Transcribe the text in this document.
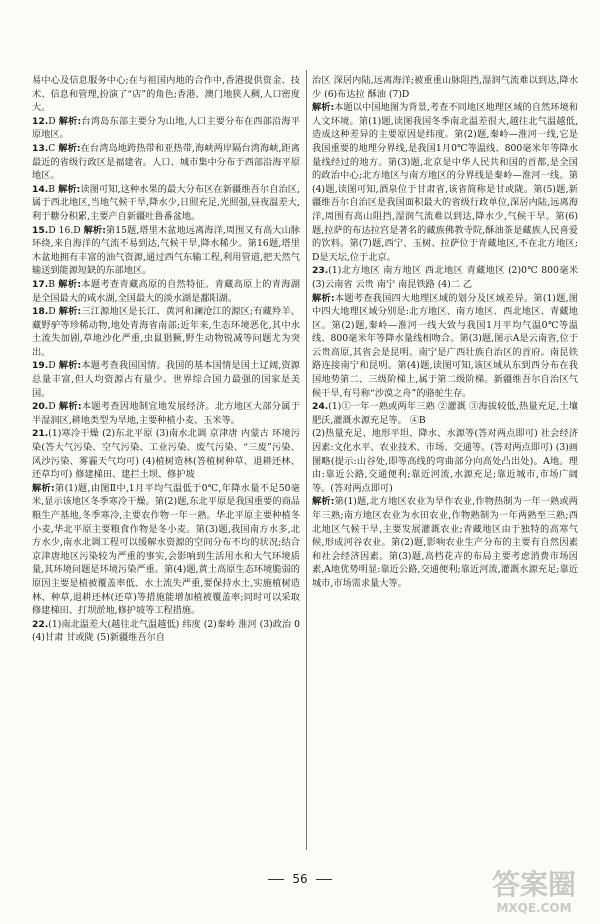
易中心及信息服务中心;在与祖国内地的合作中,香港提供资金、技术、信息和管理,扮演了“店”的角色;香港、澳门地狭人稠,人口密度大。

12.D 解析:台湾岛东部主要分为山地,人口主要分布在西部沿海平原地区。

13.C 解析:在台湾岛地跨热带和亚热带,海峡两岸隔台湾海峡,距离最近的省级行政区是福建省。人口、城市集中分布于西部沿海平原地区。

14.B 解析:读图可知,这种水果的最大分布区在新疆维吾尔自治区,属于西北地区,当地气候干旱,降水少,日照充足,光照强,昼夜温差大,利于糖分积累,主要产自新疆吐鲁番盆地。

15.D 16.D 解析:第15题,塔里木盆地远离海洋,周围又有高大山脉环绕,来自海洋的气流不易到达,气候干旱,降水稀少。第16题,塔里木盆地拥有丰富的油气资源,通过西气东输工程,利用管道,把天然气输送到能源短缺的东部地区。

17.B 解析:本题考查青藏高原的自然特征。青藏高原上的青海湖是全国最大的咸水湖,全国最大的淡水湖是鄱阳湖。

18.D 解析:三江源地区是长江、黄河和澜沧江的源区;有藏羚羊、藏野驴等珍稀动物,地处青海省南部;近年来,生态环境恶化,其中水土流失加剧,草地沙化严重,虫鼠猖獗,野生动物锐减等问题尤为突出。

19.D 解析:本题考查我国国情。我国的基本国情是国土辽阔,资源总量丰富,但人均资源占有量少。世界综合国力最强的国家是美国。

20.D 解析:本题考查因地制宜地发展经济。北方地区大部分属于半湿润区,耕地类型为旱地,主要种植小麦、玉米等。

21.(1)寒冷干燥 (2)东北平原 (3)南水北调 京津唐 内蒙古 环境污染(答大气污染、空气污染、工业污染、废气污染、“三废”污染、风沙污染、雾霾天气均可) (4)植树造林(答植树种草、退耕还林、还草均可) 修建梯田、建拦土坝、修护坡

解析:第(1)题,由图Ⅱ中,1月平均气温低于0℃,年降水量不足50毫米,显示该地区冬季寒冷干燥。第(2)题,东北平原是我国重要的商品粮生产基地,冬季寒冷,主要农作物一年一熟。华北平原主要种植冬小麦,华北平原主要粮食作物是冬小麦。第(3)题,我国南方水多,北方水少,南水北调工程可以缓解水资源的空间分布不均的状况;结合京津唐地区污染较为严重的事实,会影响到生活用水和大气环境质量,其环境问题是环境污染严重。第(4)题,黄土高原生态环境脆弱的原因主要是植被覆盖率低、水土流失严重,要保持水土,实施植树造林、种草,退耕还林(还草)等措施能增加植被覆盖率;同时可以采取修建梯田、打坝淤地,修护坡等工程措施。

22.(1)南北温差大(越往北气温越低) 纬度 (2)秦岭 淮河 (3)政治 0 (4)甘肃 甘或陇 (5)新疆维吾尔自

治区 深居内陆,远离海洋;被重重山脉阻挡,湿润气流难以到达,降水少 (6)布达拉 酥油 (7)D

解析:本题以中国地图为背景,考查不同地区地理区域的自然环境和人文环境。第(1)题,读图我国冬季南北温差很大,越往北气温越低,造成这种差异的主要原因是纬度。第(2)题,秦岭—淮河一线,它是我国重要的地理分界线,是我国1月0℃等温线、800毫米年等降水量线经过的地方。第(3)题,北京是中华人民共和国的首都,是全国的政治中心;北方地区与南方地区的分界线是秦岭—淮河一线。第(4)题,读图可知,酒泉位于甘肃省,该省简称是甘或陇。第(5)题,新疆维吾尔自治区是我国面积最大的省级行政单位,深居内陆,远离海洋,周围有高山阻挡,湿润气流难以到达,降水少,气候干旱。第(6)题,拉萨的布达拉宫是著名的藏族佛教寺院,酥油茶是藏族人民喜爱的饮料。第(7)题,西宁、玉树、拉萨位于青藏地区,不在北方地区;D是天坛,位于北京。

23.(1)北方地区 南方地区 西北地区 青藏地区 (2)0℃ 800毫米 (3)云南省 云贵 南宁 南昆铁路 (4)二 乙

解析:本题考查我国四大地理区域的划分及区域差异。第(1)题,图中四大地理区域分别是:北方地区、南方地区、西北地区、青藏地区。第(2)题,秦岭—淮河一线大致与我国1月平均气温0℃等温线、800毫米年等降水量线相吻合。第(3)题,图示A是云南省,位于云贵高原,其省会是昆明。南宁是广西壮族自治区的首府。南昆铁路连接南宁和昆明。第(4)题,读图可知,该区域从东到西分布在我国地势第二、三级阶梯上,属于第二级阶梯。新疆维吾尔自治区气候干旱,有号称“沙漠之舟”的骆驼生存。

24.(1)①一年一熟或两年三熟 ②灌溉 ③海拔较低,热量充足,土壤肥沃,灌溉水源充足等。 ④B

(2)热量充足、地形平坦、降水、水源等(答对两点即可) 社会经济因素:文化水平、农业技术、市场、交通等。(答对两点即可) (3)画图略(提示:山谷处,即等高线的弯曲部分向高处凸出处)。A地。理由:靠近公路,交通便利;靠近河流,水源充足;靠近城市,市场广阔等。(答对两点即可)

解析:第(1)题,北方地区农业为旱作农业,作物热制为一年一熟或两年三熟;南方地区农业为水田农业,作物熟制为一年两熟至三熟;西北地区气候干旱,主要发展灌溉农业;青藏地区由于独特的高寒气候,形成河谷农业。第(2)题,影响农业生产分布的主要有自然因素和社会经济因素。第(3)题,高档花卉的布局主要考虑消费市场因素,A地优势明显:靠近公路,交通便利;靠近河流,灌溉水源充足;靠近城市,市场需求量大等。

56	答案圈
MXQE.COM
